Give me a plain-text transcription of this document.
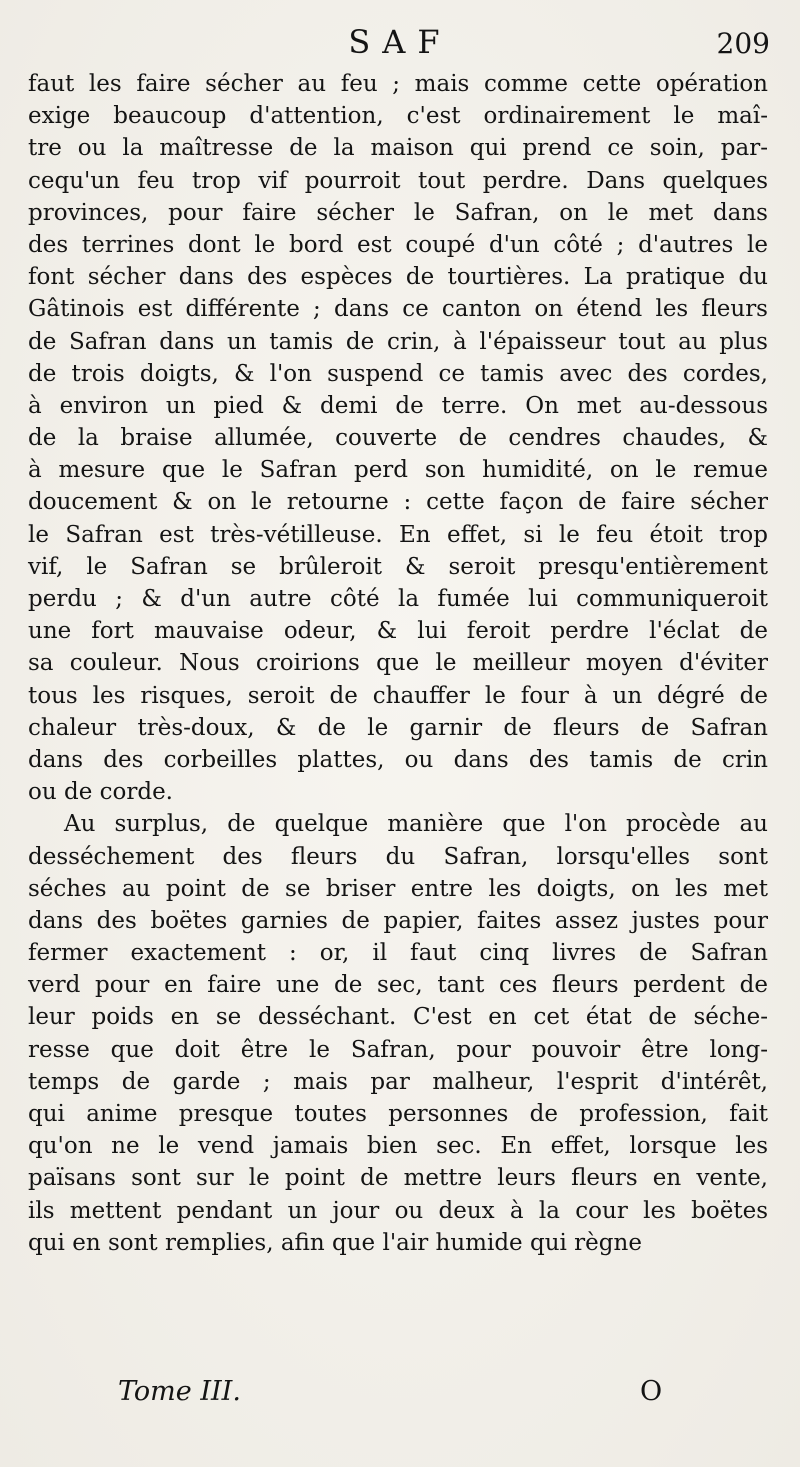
SAF	209
faut les faire sécher au feu ; mais comme cette opération
exige beaucoup d'attention, c'est ordinairement le maî-
tre ou la maîtresse de la maison qui prend ce soin, par-
cequ'un feu trop vif pourroit tout perdre. Dans quelques
provinces, pour faire sécher le Safran, on le met dans
des terrines dont le bord est coupé d'un côté ; d'autres le
font sécher dans des espèces de tourtières. La pratique du
Gâtinois est différente ; dans ce canton on étend les fleurs
de Safran dans un tamis de crin, à l'épaisseur tout au plus
de trois doigts, & l'on suspend ce tamis avec des cordes,
à environ un pied & demi de terre. On met au-dessous
de la braise allumée, couverte de cendres chaudes, &
à mesure que le Safran perd son humidité, on le remue
doucement & on le retourne : cette façon de faire sécher
le Safran est très-vétilleuse. En effet, si le feu étoit trop
vif, le Safran se brûleroit & seroit presqu'entièrement
perdu ; & d'un autre côté la fumée lui communiqueroit
une fort mauvaise odeur, & lui feroit perdre l'éclat de
sa couleur. Nous croirions que le meilleur moyen d'éviter
tous les risques, seroit de chauffer le four à un dégré de
chaleur très-doux, & de le garnir de fleurs de Safran
dans des corbeilles plattes, ou dans des tamis de crin
ou de corde.
Au surplus, de quelque manière que l'on procède au
desséchement des fleurs du Safran, lorsqu'elles sont
séches au point de se briser entre les doigts, on les met
dans des boëtes garnies de papier, faites assez justes pour
fermer exactement : or, il faut cinq livres de Safran
verd pour en faire une de sec, tant ces fleurs perdent de
leur poids en se desséchant. C'est en cet état de séche-
resse que doit être le Safran, pour pouvoir être long-
temps de garde ; mais par malheur, l'esprit d'intérêt,
qui anime presque toutes personnes de profession, fait
qu'on ne le vend jamais bien sec. En effet, lorsque les
païsans sont sur le point de mettre leurs fleurs en vente,
ils mettent pendant un jour ou deux à la cour les boëtes
qui en sont remplies, afin que l'air humide qui règne
Tome III.	O
